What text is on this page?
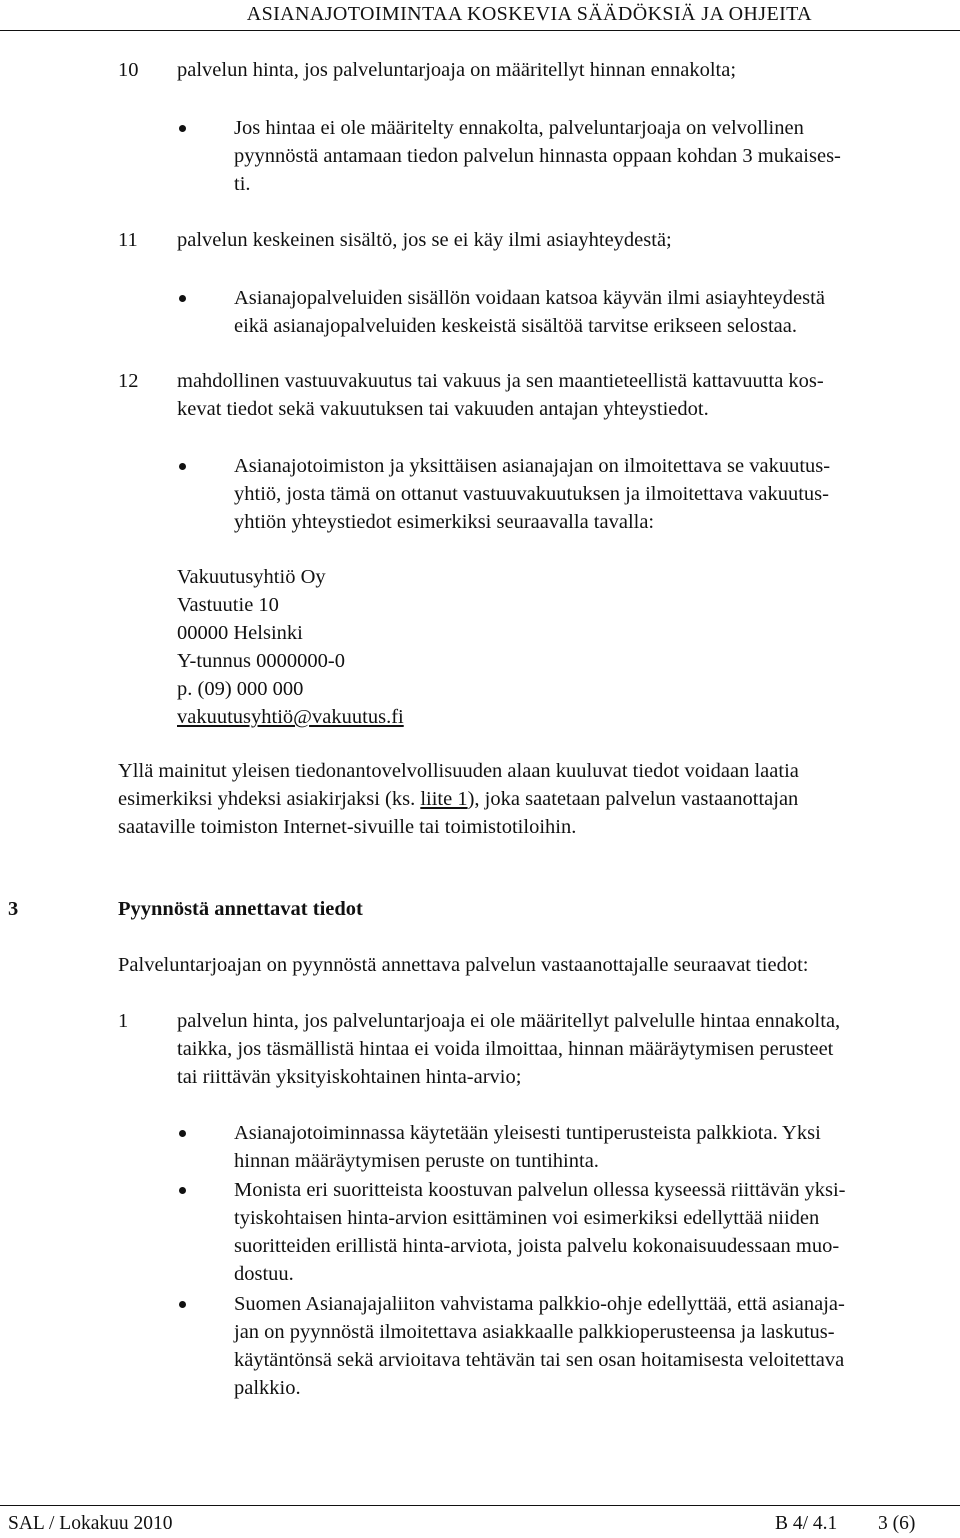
ASIANAJOTOIMINTAA KOSKEVIA SÄÄDÖKSIÄ JA OHJEITA
10 palvelun hinta, jos palveluntarjoaja on määritellyt hinnan ennakolta;
Jos hintaa ei ole määritelty ennakolta, palveluntarjoaja on velvollinen
pyynnöstä antamaan tiedon palvelun hinnasta oppaan kohdan 3 mukaises-
ti.
11 palvelun keskeinen sisältö, jos se ei käy ilmi asiayhteydestä;
Asianajopalveluiden sisällön voidaan katsoa käyvän ilmi asiayhteydestä
eikä asianajopalveluiden keskeistä sisältöä tarvitse erikseen selostaa.
12 mahdollinen vastuuvakuutus tai vakuus ja sen maantieteellistä kattavuutta kos-
kevat tiedot sekä vakuutuksen tai vakuuden antajan yhteystiedot.
Asianajotoimiston ja yksittäisen asianajajan on ilmoitettava se vakuutus-
yhtiö, josta tämä on ottanut vastuuvakuutuksen ja ilmoitettava vakuutus-
yhtiön yhteystiedot esimerkiksi seuraavalla tavalla:
Vakuutusyhtiö Oy
Vastuutie 10
00000 Helsinki
Y-tunnus 0000000-0
p. (09) 000 000
vakuutusyhtiö@vakuutus.fi
Yllä mainitut yleisen tiedonantovelvollisuuden alaan kuuluvat tiedot voidaan laatia
esimerkiksi yhdeksi asiakirjaksi (ks. liite 1), joka saatetaan palvelun vastaanottajan
saataville toimiston Internet-sivuille tai toimistotiloihin.
3	Pyynnöstä annettavat tiedot
Palveluntarjoajan on pyynnöstä annettava palvelun vastaanottajalle seuraavat tiedot:
1 palvelun hinta, jos palveluntarjoaja ei ole määritellyt palvelulle hintaa ennakolta,
taikka, jos täsmällistä hintaa ei voida ilmoittaa, hinnan määräytymisen perusteet
tai riittävän yksityiskohtainen hinta-arvio;
Asianajotoiminnassa käytetään yleisesti tuntiperusteista palkkiota. Yksi
hinnan määräytymisen peruste on tuntihinta.
Monista eri suoritteista koostuvan palvelun ollessa kyseessä riittävän yksi-
tyiskohtaisen hinta-arvion esittäminen voi esimerkiksi edellyttää niiden
suoritteiden erillistä hinta-arviota, joista palvelu kokonaisuudessaan muo-
dostuu.
Suomen Asianajajaliiton vahvistama palkkio-ohje edellyttää, että asianaja-
jan on pyynnöstä ilmoitettava asiakkaalle palkkioperusteensa ja laskutus-
käytäntönsä sekä arvioitava tehtävän tai sen osan hoitamisesta veloitettava
palkkio.
SAL / Lokakuu 2010	B 4/ 4.1 3 (6)
